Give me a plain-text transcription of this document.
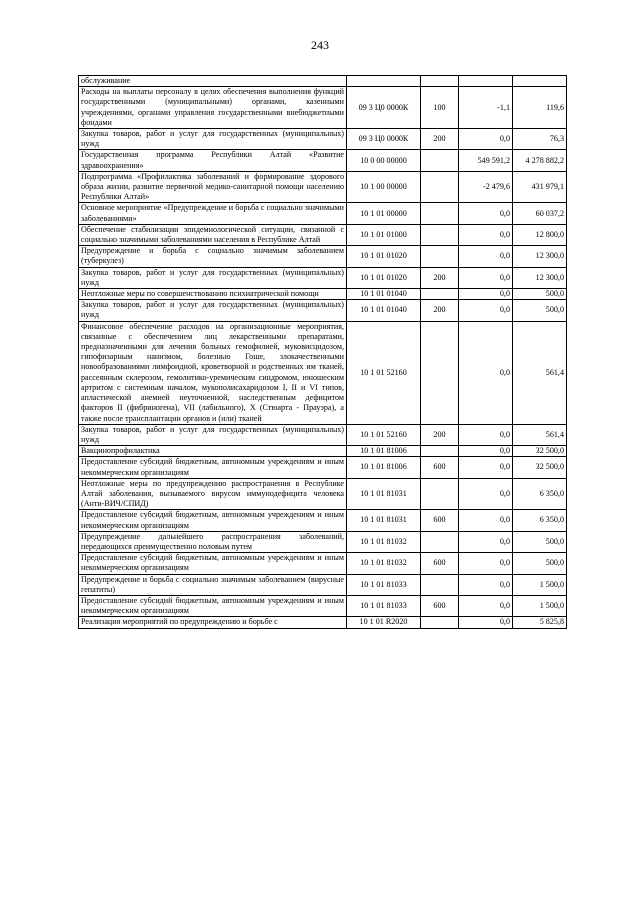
243
обслуживание				
Расходы на выплаты персоналу в целях обеспечения выполнения функций государственными (муниципальными) органами, казенными учреждениями, органами управления государственными внебюджетными фондами	09 3 Ц0 0000К	100	-1,1	119,6
Закупка товаров, работ и услуг для государственных (муниципальных) нужд	09 3 Ц0 0000К	200	0,0	76,3
Государственная программа Республики Алтай «Развитие здравоохранения»	10 0 00 00000		549 591,2	4 278 882,2
Подпрограмма «Профилактика заболеваний и формирование здорового образа жизни, развитие первичной медико-санитарной помощи населению Республики Алтай»	10 1 00 00000		-2 479,6	431 979,1
Основное мероприятие «Предупреждение и борьба с социально значимыми заболеваниями»	10 1 01 00000		0,0	60 037,2
Обеспечение стабилизации эпидемиологической ситуации, связанной с социально значимыми заболеваниями населения в Республике Алтай	10 1 01 01000		0,0	12 800,0
Предупреждение и борьба с социально значимым заболеванием (туберкулез)	10 1 01 01020		0,0	12 300,0
Закупка товаров, работ и услуг для государственных (муниципальных) нужд	10 1 01 01020	200	0,0	12 300,0
Неотложные меры по совершенствованию психиатрической помощи	10 1 01 01040		0,0	500,0
Закупка товаров, работ и услуг для государственных (муниципальных) нужд	10 1 01 01040	200	0,0	500,0
Финансовое обеспечение расходов на организационные мероприятия, связанные с обеспечением лиц лекарственными препаратами, предназначенными для лечения больных гемофилией, муковисцидозом, гипофизарным нанизмом, болезнью Гоше, злокачественными новообразованиями лимфоидной, кроветворной и родственных им тканей, рассеянным склерозом, гемолитико-уремическим синдромом, юношеским артритом с системным началом, мукополисахаридозом I, II и VI типов, апластической анемией неуточненной, наследственным дефицитом факторов II (фибриногена), VII (лабильного), X (Стюарта - Прауэра), а также после трансплантации органов и (или) тканей	10 1 01 52160		0,0	561,4
Закупка товаров, работ и услуг для государственных (муниципальных) нужд	10 1 01 52160	200	0,0	561,4
Вакцинопрофилактика	10 1 01 81006		0,0	32 500,0
Предоставление субсидий бюджетным, автономным учреждениям и иным некоммерческим организациям	10 1 01 81006	600	0,0	32 500,0
Неотложные меры по предупреждению распространения в Республике Алтай заболевания, вызываемого вирусом иммунодефицита человека (Анти-ВИЧ/СПИД)	10 1 01 81031		0,0	6 350,0
Предоставление субсидий бюджетным, автономным учреждениям и иным некоммерческим организациям	10 1 01 81031	600	0,0	6 350,0
Предупреждение дальнейшего распространения заболеваний, передающихся преимущественно половым путем	10 1 01 81032		0,0	500,0
Предоставление субсидий бюджетным, автономным учреждениям и иным некоммерческим организациям	10 1 01 81032	600	0,0	500,0
Предупреждение и борьба с социально значимым заболеванием (вирусные гепатиты)	10 1 01 81033		0,0	1 500,0
Предоставление субсидий бюджетным, автономным учреждениям и иным некоммерческим организациям	10 1 01 81033	600	0,0	1 500,0
Реализация мероприятий по предупреждению и борьбе с	10 1 01 R2020		0,0	5 825,8
